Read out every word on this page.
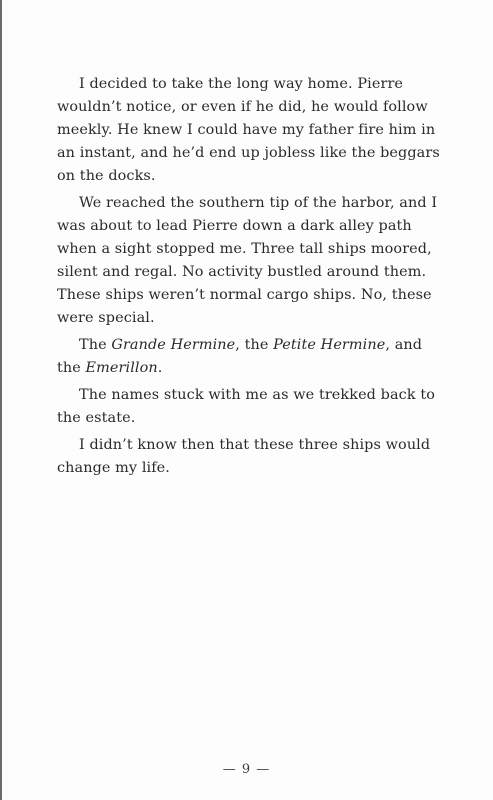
I decided to take the long way home. Pierre wouldn’t notice, or even if he did, he would follow meekly. He knew I could have my father fire him in an instant, and he’d end up jobless like the beggars on the docks.

We reached the southern tip of the harbor, and I was about to lead Pierre down a dark alley path when a sight stopped me. Three tall ships moored, silent and regal. No activity bustled around them. These ships weren’t normal cargo ships. No, these were special.

The Grande Hermine, the Petite Hermine, and the Emerillon.

The names stuck with me as we trekked back to the estate.

I didn’t know then that these three ships would change my life.

— 9 —
